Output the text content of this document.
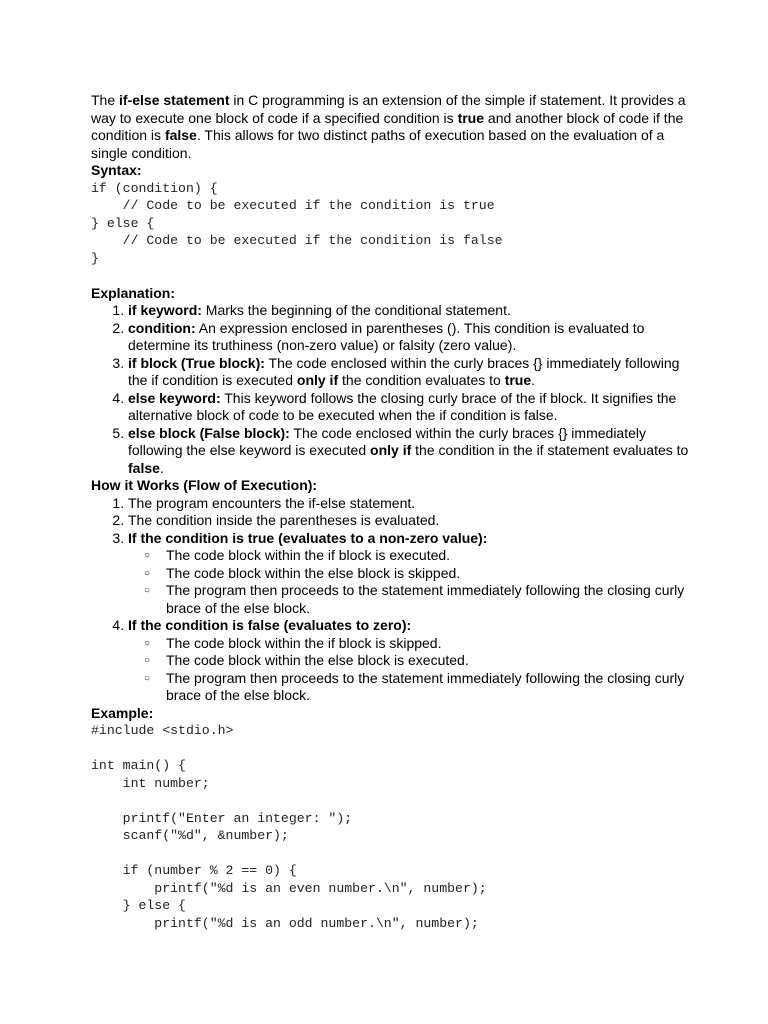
The if-else statement in C programming is an extension of the simple if statement. It provides a way to execute one block of code if a specified condition is true and another block of code if the condition is false. This allows for two distinct paths of execution based on the evaluation of a single condition.

Syntax:

if (condition) {
// Code to be executed if the condition is true
} else {
// Code to be executed if the condition is false
}

Explanation:

1. if keyword: Marks the beginning of the conditional statement.
2. condition: An expression enclosed in parentheses (). This condition is evaluated to determine its truthiness (non-zero value) or falsity (zero value).
3. if block (True block): The code enclosed within the curly braces {} immediately following the if condition is executed only if the condition evaluates to true.
4. else keyword: This keyword follows the closing curly brace of the if block. It signifies the alternative block of code to be executed when the if condition is false.
5. else block (False block): The code enclosed within the curly braces {} immediately following the else keyword is executed only if the condition in the if statement evaluates to false.

How it Works (Flow of Execution):

1. The program encounters the if-else statement.
2. The condition inside the parentheses is evaluated.
3. If the condition is true (evaluates to a non-zero value):
○ The code block within the if block is executed.
○ The code block within the else block is skipped.
○ The program then proceeds to the statement immediately following the closing curly brace of the else block.
4. If the condition is false (evaluates to zero):
○ The code block within the if block is skipped.
○ The code block within the else block is executed.
○ The program then proceeds to the statement immediately following the closing curly brace of the else block.

Example:

#include <stdio.h>

int main() {
int number;

printf("Enter an integer: ");
scanf("%d", &number);

if (number % 2 == 0) {
printf("%d is an even number.\n", number);
} else {
printf("%d is an odd number.\n", number);
